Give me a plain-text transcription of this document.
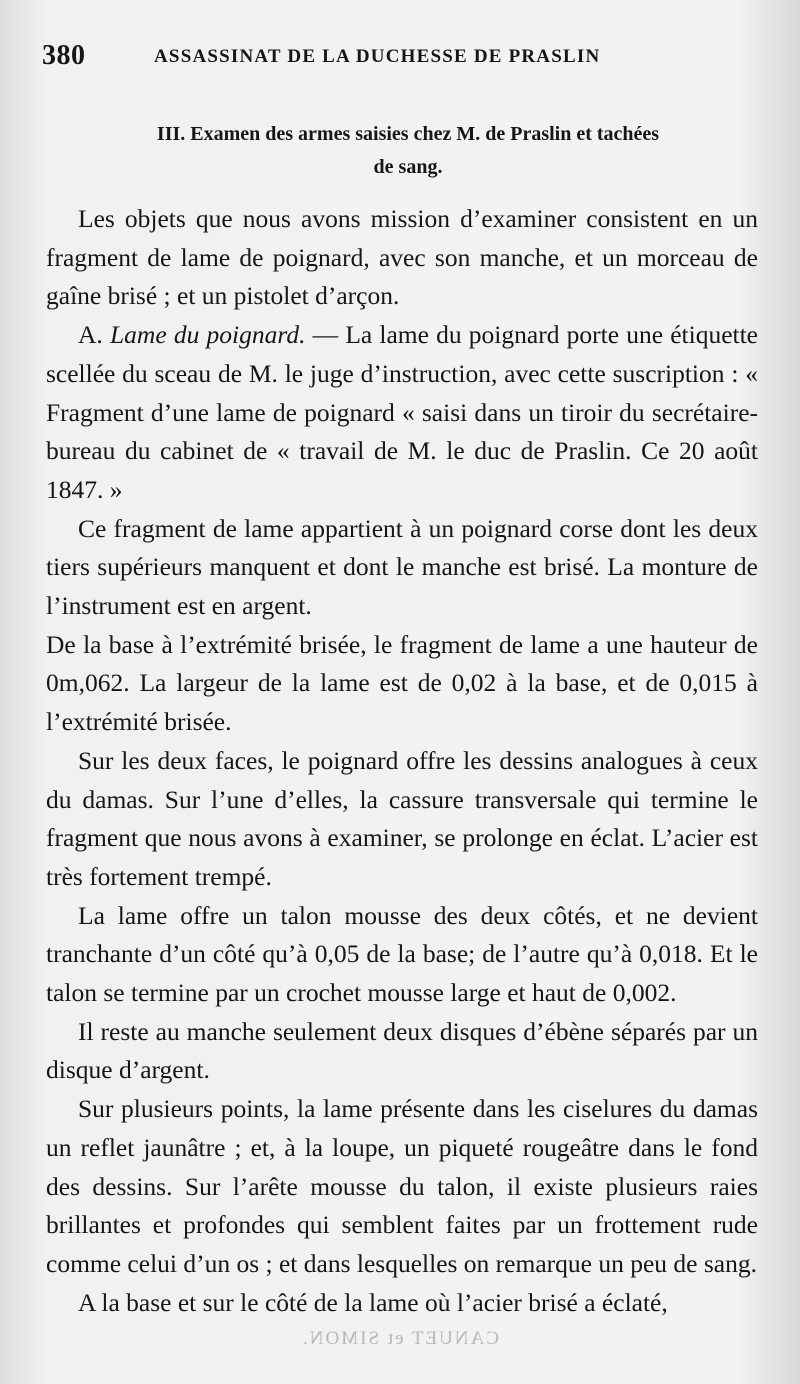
380	ASSASSINAT DE LA DUCHESSE DE PRASLIN
III. Examen des armes saisies chez M. de Praslin et tachées
de sang.

Les objets que nous avons mission d’examiner consistent en un fragment de lame de poignard, avec son manche, et un morceau de gaîne brisé ; et un pistolet d’arçon.

A. Lame du poignard. — La lame du poignard porte une étiquette scellée du sceau de M. le juge d’instruction, avec cette suscription : « Fragment d’une lame de poignard « saisi dans un tiroir du secrétaire-bureau du cabinet de « travail de M. le duc de Praslin. Ce 20 août 1847. »

Ce fragment de lame appartient à un poignard corse dont les deux tiers supérieurs manquent et dont le manche est brisé. La monture de l’instrument est en argent.

De la base à l’extrémité brisée, le fragment de lame a une hauteur de 0m,062. La largeur de la lame est de 0,02 à la base, et de 0,015 à l’extrémité brisée.

Sur les deux faces, le poignard offre les dessins analogues à ceux du damas. Sur l’une d’elles, la cassure transversale qui termine le fragment que nous avons à examiner, se prolonge en éclat. L’acier est très fortement trempé.

La lame offre un talon mousse des deux côtés, et ne devient tranchante d’un côté qu’à 0,05 de la base; de l’autre qu’à 0,018. Et le talon se termine par un crochet mousse large et haut de 0,002.

Il reste au manche seulement deux disques d’ébène séparés par un disque d’argent.

Sur plusieurs points, la lame présente dans les ciselures du damas un reflet jaunâtre ; et, à la loupe, un piqueté rougeâtre dans le fond des dessins. Sur l’arête mousse du talon, il existe plusieurs raies brillantes et profondes qui semblent faites par un frottement rude comme celui d’un os ; et dans lesquelles on remarque un peu de sang.

A la base et sur le côté de la lame où l’acier brisé a éclaté,

CANUET et SIMON.
